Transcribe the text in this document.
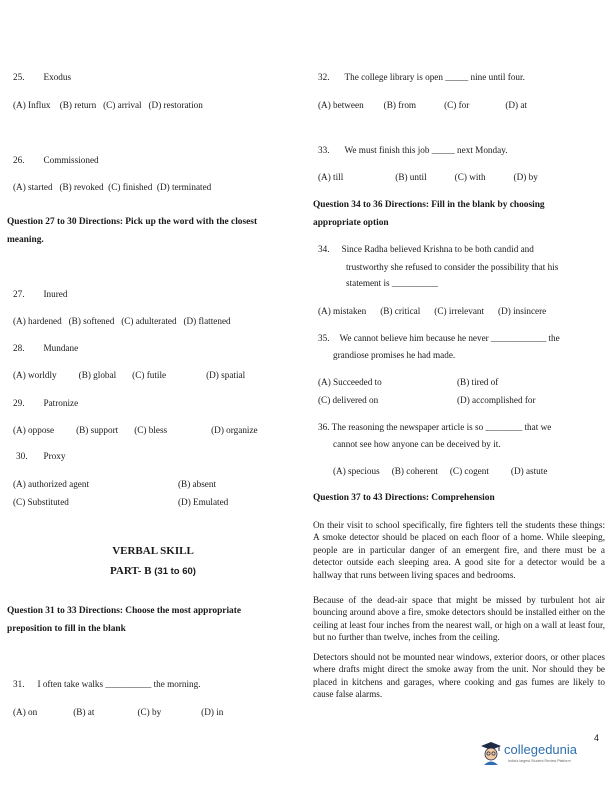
25. Exodus
(A) Influx (B) return (C) arrival (D) restoration
26. Commissioned
(A) started (B) revoked (C) finished (D) terminated
Question 27 to 30 Directions: Pick up the word with the closest
meaning.
27. Inured
(A) hardened (B) softened (C) adulterated (D) flattened
28. Mundane
(A) worldly (B) global (C) futile	(D) spatial
29. Patronize
(A) oppose (B) support (C) bless	(D) organize
30. Proxy
(A) authorized agent	(B) absent
(C) Substituted	(D) Emulated
VERBAL SKILL
PART- B (31 to 60)
Question 31 to 33 Directions: Choose the most appropriate
preposition to fill in the blank
31. I often take walks __________ the morning.
(A) on	(B) at	(C) by	(D) in
32. The college library is open _____ nine until four.
(A) between (B) from	(C) for	(D) at
33. We must finish this job _____ next Monday.
(A) till	(B) until	(C) with	(D) by
Question 34 to 36 Directions: Fill in the blank by choosing
appropriate option
34. Since Radha believed Krishna to be both candid and
trustworthy she refused to consider the possibility that his
statement is __________
(A) mistaken (B) critical (C) irrelevant (D) insincere
35. We cannot believe him because he never ____________ the
grandiose promises he had made.
(A) Succeeded to	(B) tired of
(C) delivered on	(D) accomplished for
36. The reasoning the newspaper article is so ________ that we
cannot see how anyone can be deceived by it.
(A) specious (B) coherent (C) cogent (D) astute
Question 37 to 43 Directions: Comprehension
On their visit to school specifically, fire fighters tell the students these things: A smoke detector should be placed on each floor of a home. While sleeping, people are in particular danger of an emergent fire, and there must be a detector outside each sleeping area. A good site for a detector would be a hallway that runs between living spaces and bedrooms.
Because of the dead-air space that might be missed by turbulent hot air bouncing around above a fire, smoke detectors should be installed either on the ceiling at least four inches from the nearest wall, or high on a wall at least four, but no further than twelve, inches from the ceiling.
Detectors should not be mounted near windows, exterior doors, or other places where drafts might direct the smoke away from the unit. Nor should they be placed in kitchens and garages, where cooking and gas fumes are likely to cause false alarms.
4
collegedunia
India's largest Student Review Platform
